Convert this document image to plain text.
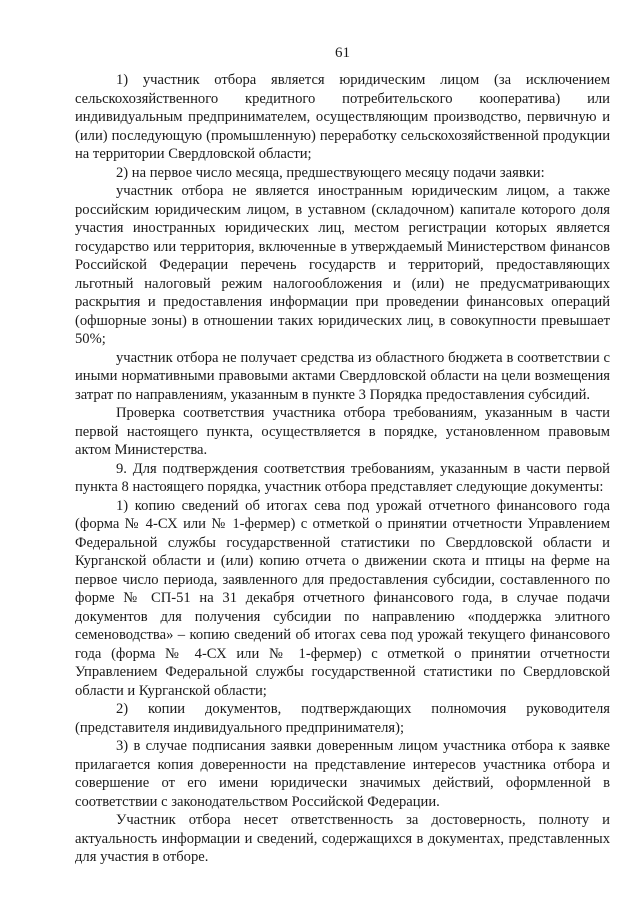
61

1) участник отбора является юридическим лицом (за исключением сельскохозяйственного кредитного потребительского кооператива) или индивидуальным предпринимателем, осуществляющим производство, первичную и (или) последующую (промышленную) переработку сельскохозяйственной продукции на территории Свердловской области;

2) на первое число месяца, предшествующего месяцу подачи заявки:

участник отбора не является иностранным юридическим лицом, а также российским юридическим лицом, в уставном (складочном) капитале которого доля участия иностранных юридических лиц, местом регистрации которых является государство или территория, включенные в утверждаемый Министерством финансов Российской Федерации перечень государств и территорий, предоставляющих льготный налоговый режим налогообложения и (или) не предусматривающих раскрытия и предоставления информации при проведении финансовых операций (офшорные зоны) в отношении таких юридических лиц, в совокупности превышает 50%;

участник отбора не получает средства из областного бюджета в соответствии с иными нормативными правовыми актами Свердловской области на цели возмещения затрат по направлениям, указанным в пункте 3 Порядка предоставления субсидий.

Проверка соответствия участника отбора требованиям, указанным в части первой настоящего пункта, осуществляется в порядке, установленном правовым актом Министерства.

9. Для подтверждения соответствия требованиям, указанным в части первой пункта 8 настоящего порядка, участник отбора представляет следующие документы:

1) копию сведений об итогах сева под урожай отчетного финансового года (форма № 4-СХ или № 1-фермер) с отметкой о принятии отчетности Управлением Федеральной службы государственной статистики по Свердловской области и Курганской области и (или) копию отчета о движении скота и птицы на ферме на первое число периода, заявленного для предоставления субсидии, составленного по форме № СП-51 на 31 декабря отчетного финансового года, в случае подачи документов для получения субсидии по направлению «поддержка элитного семеноводства» – копию сведений об итогах сева под урожай текущего финансового года (форма № 4-СХ или № 1-фермер) с отметкой о принятии отчетности Управлением Федеральной службы государственной статистики по Свердловской области и Курганской области;

2) копии документов, подтверждающих полномочия руководителя (представителя индивидуального предпринимателя);

3) в случае подписания заявки доверенным лицом участника отбора к заявке прилагается копия доверенности на представление интересов участника отбора и совершение от его имени юридически значимых действий, оформленной в соответствии с законодательством Российской Федерации.

Участник отбора несет ответственность за достоверность, полноту и актуальность информации и сведений, содержащихся в документах, представленных для участия в отборе.
